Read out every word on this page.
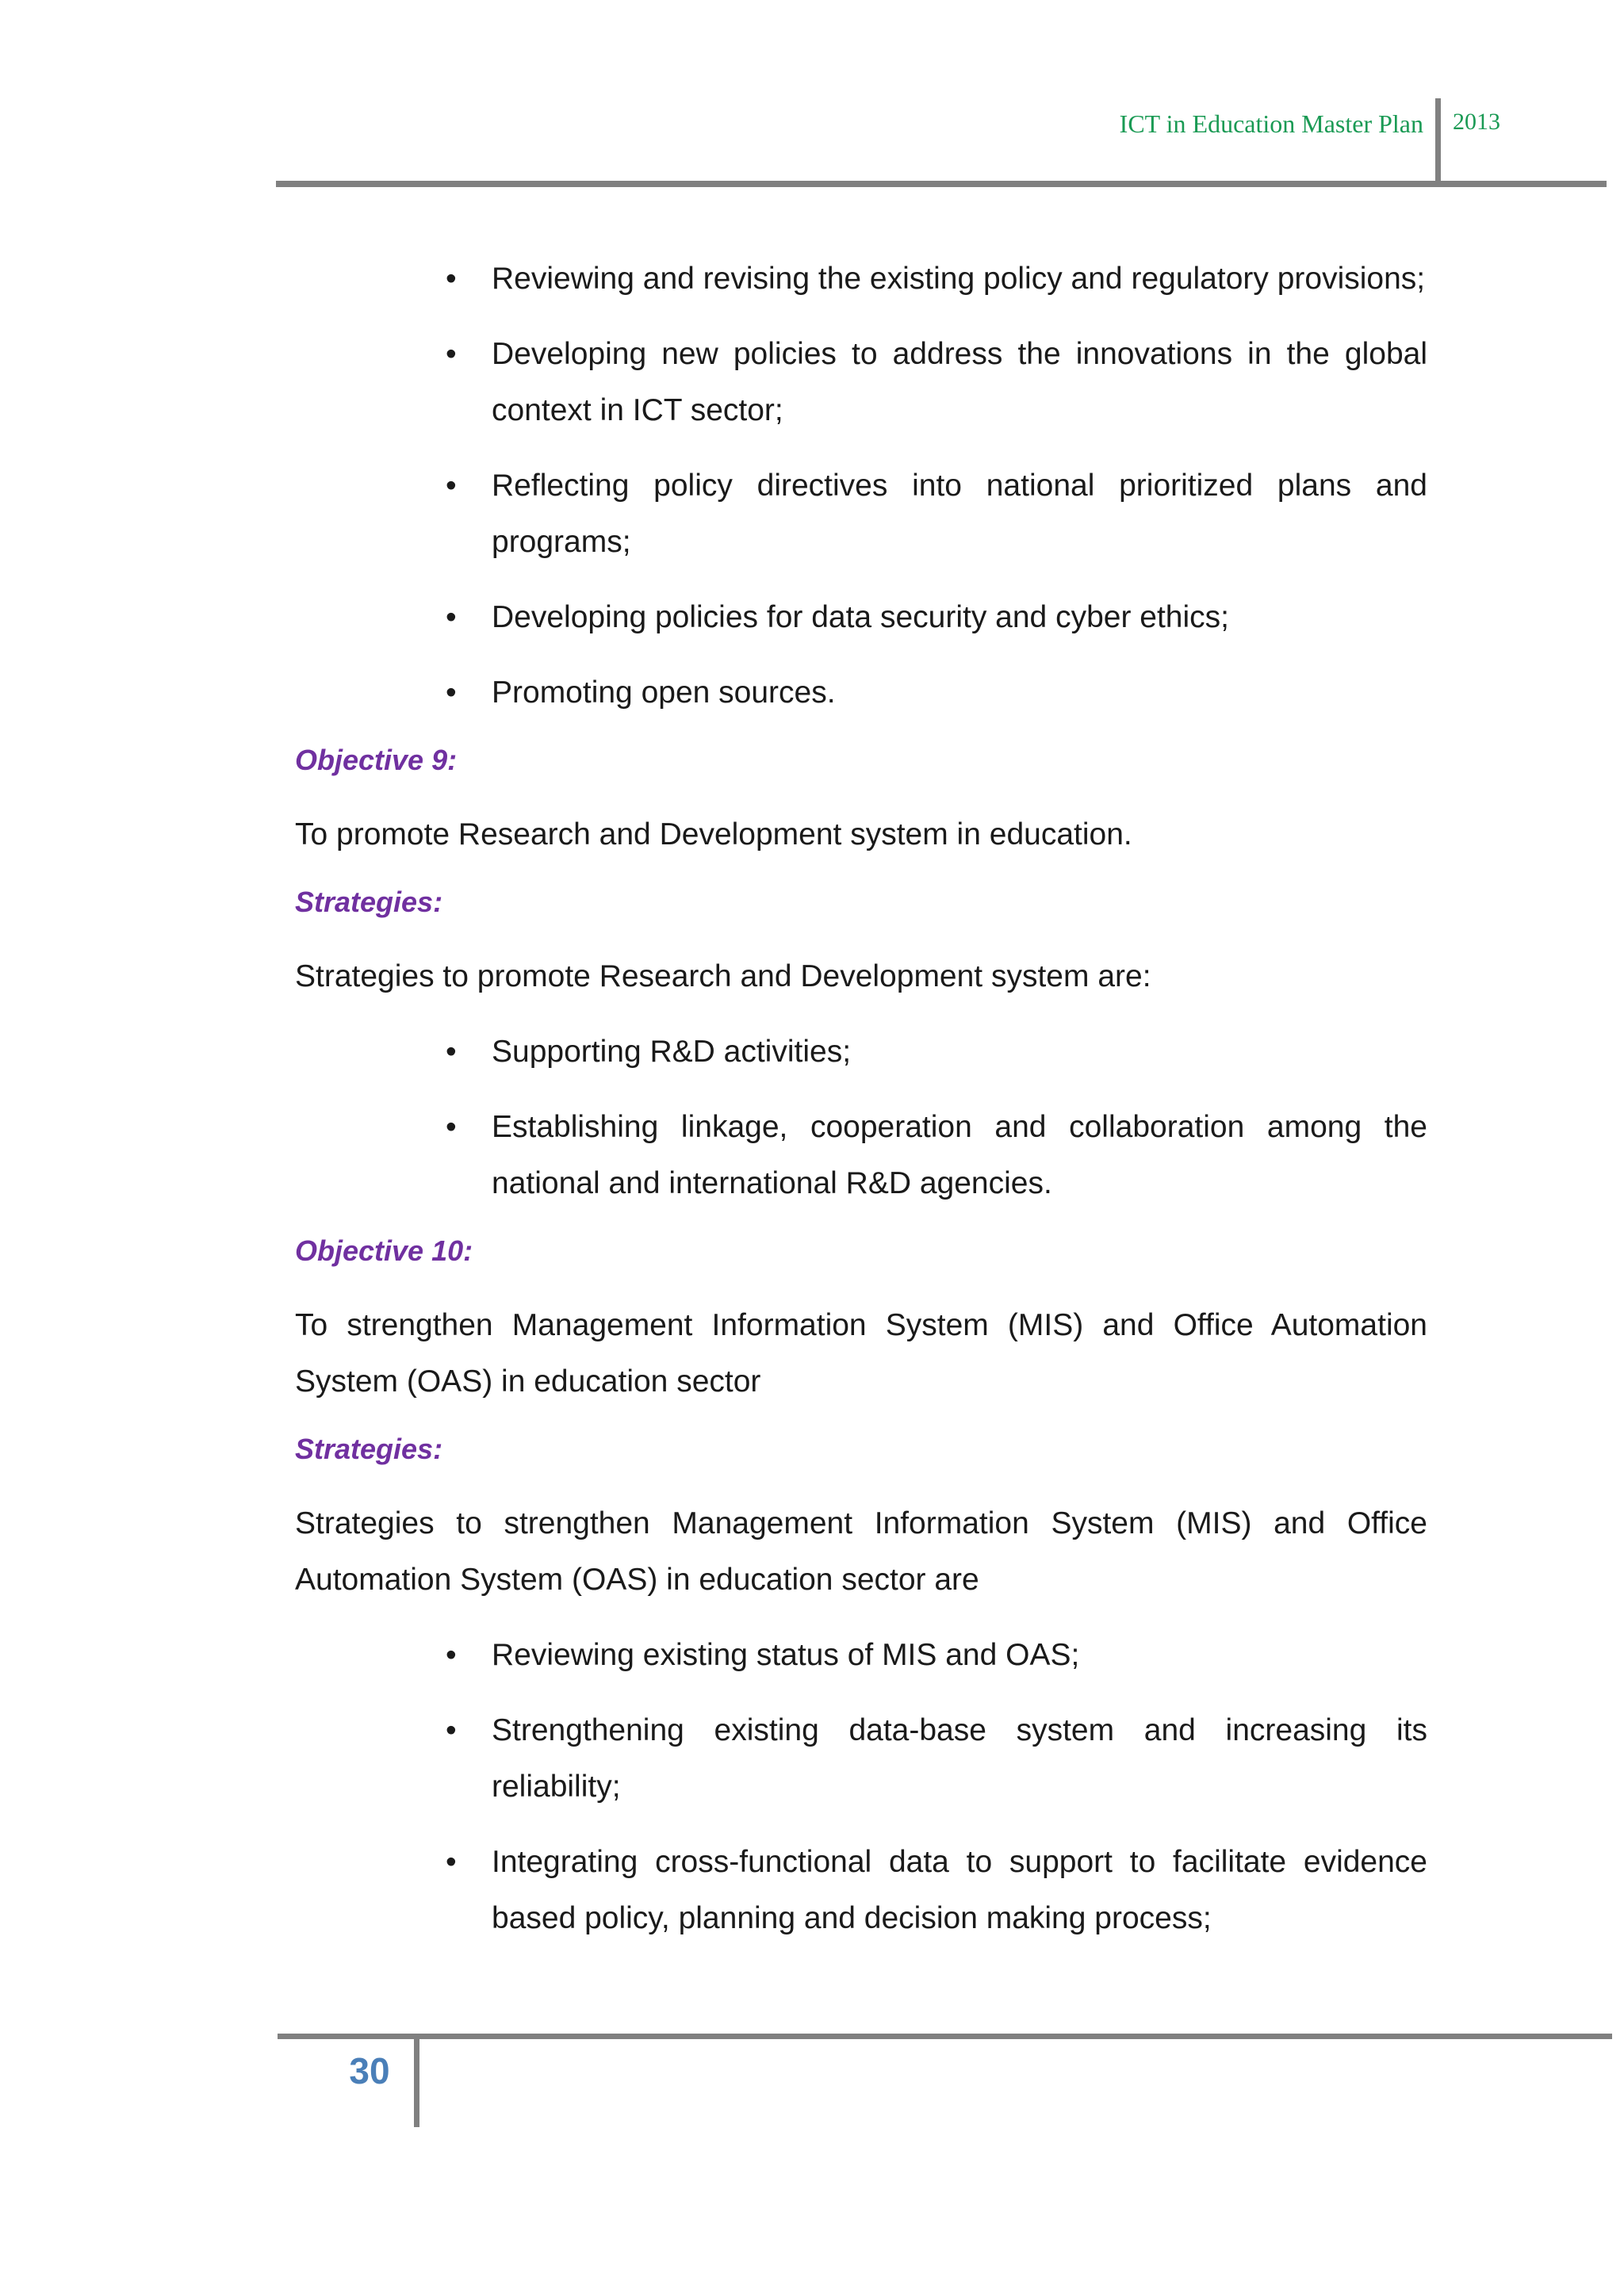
ICT in Education Master Plan 2013
• Reviewing and revising the existing policy and regulatory provisions;
• Developing new policies to address the innovations in the global context in ICT sector;
• Reflecting policy directives into national prioritized plans and programs;
• Developing policies for data security and cyber ethics;
• Promoting open sources.
Objective 9:
To promote Research and Development system in education.
Strategies:
Strategies to promote Research and Development system are:
• Supporting R&D activities;
• Establishing linkage, cooperation and collaboration among the national and international R&D agencies.
Objective 10:
To strengthen Management Information System (MIS) and Office Automation System (OAS) in education sector
Strategies:
Strategies to strengthen Management Information System (MIS) and Office Automation System (OAS) in education sector are
• Reviewing existing status of MIS and OAS;
• Strengthening existing data-base system and increasing its reliability;
• Integrating cross-functional data to support to facilitate evidence based policy, planning and decision making process;
30
